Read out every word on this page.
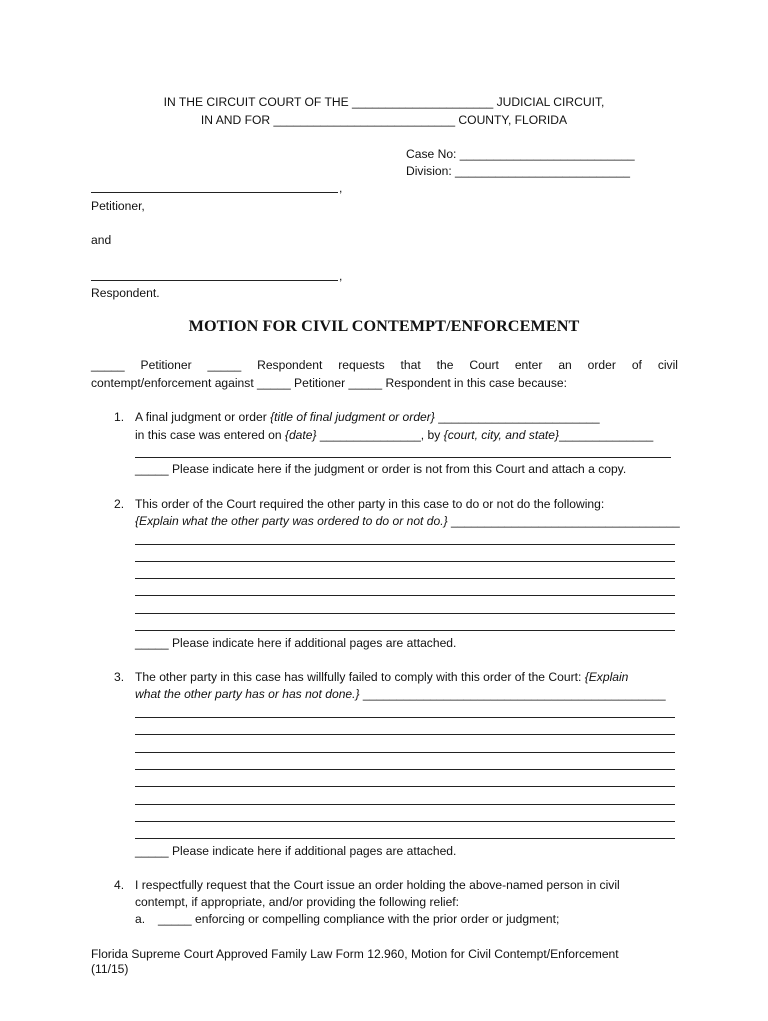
IN THE CIRCUIT COURT OF THE _____________________ JUDICIAL CIRCUIT,
IN AND FOR ___________________________ COUNTY, FLORIDA
Case No: __________________________
Division: __________________________
,
Petitioner,
and
,
Respondent.
MOTION FOR CIVIL CONTEMPT/ENFORCEMENT
_____ Petitioner _____ Respondent requests that the Court enter an order of civil
contempt/enforcement against _____ Petitioner _____ Respondent in this case because:
1. A final judgment or order {title of final judgment or order} ________________________
in this case was entered on {date} _______________, by {court, city, and state}______________
_____ Please indicate here if the judgment or order is not from this Court and attach a copy.
2. This order of the Court required the other party in this case to do or not do the following:
{Explain what the other party was ordered to do or not do.} __________________________________
_____ Please indicate here if additional pages are attached.
3. The other party in this case has willfully failed to comply with this order of the Court: {Explain
what the other party has or has not done.} _____________________________________________
_____ Please indicate here if additional pages are attached.
4. I respectfully request that the Court issue an order holding the above-named person in civil
contempt, if appropriate, and/or providing the following relief:
a. _____ enforcing or compelling compliance with the prior order or judgment;
Florida Supreme Court Approved Family Law Form 12.960, Motion for Civil Contempt/Enforcement
(11/15)
